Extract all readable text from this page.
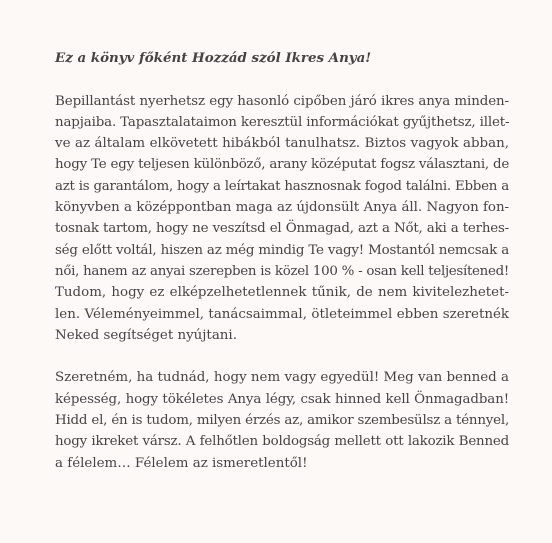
Ez a könyv főként Hozzád szól Ikres Anya!
Bepillantást nyerhetsz egy hasonló cipőben járó ikres anya minden-
napjaiba. Tapasztalataimon keresztül információkat gyűjthetsz, illet-
ve az általam elkövetett hibákból tanulhatsz. Biztos vagyok abban,
hogy Te egy teljesen különböző, arany középutat fogsz választani, de
azt is garantálom, hogy a leírtakat hasznosnak fogod találni. Ebben a
könyvben a középpontban maga az újdonsült Anya áll. Nagyon fon-
tosnak tartom, hogy ne veszítsd el Önmagad, azt a Nőt, aki a terhes-
ség előtt voltál, hiszen az még mindig Te vagy! Mostantól nemcsak a
női, hanem az anyai szerepben is közel 100 % - osan kell teljesítened!
Tudom, hogy ez elképzelhetetlennek tűnik, de nem kivitelezhetet-
len. Véleményeimmel, tanácsaimmal, ötleteimmel ebben szeretnék
Neked segítséget nyújtani.
Szeretném, ha tudnád, hogy nem vagy egyedül! Meg van benned a
képesség, hogy tökéletes Anya légy, csak hinned kell Önmagadban!
Hidd el, én is tudom, milyen érzés az, amikor szembesülsz a ténnyel,
hogy ikreket vársz. A felhőtlen boldogság mellett ott lakozik Benned
a félelem… Félelem az ismeretlentől!
